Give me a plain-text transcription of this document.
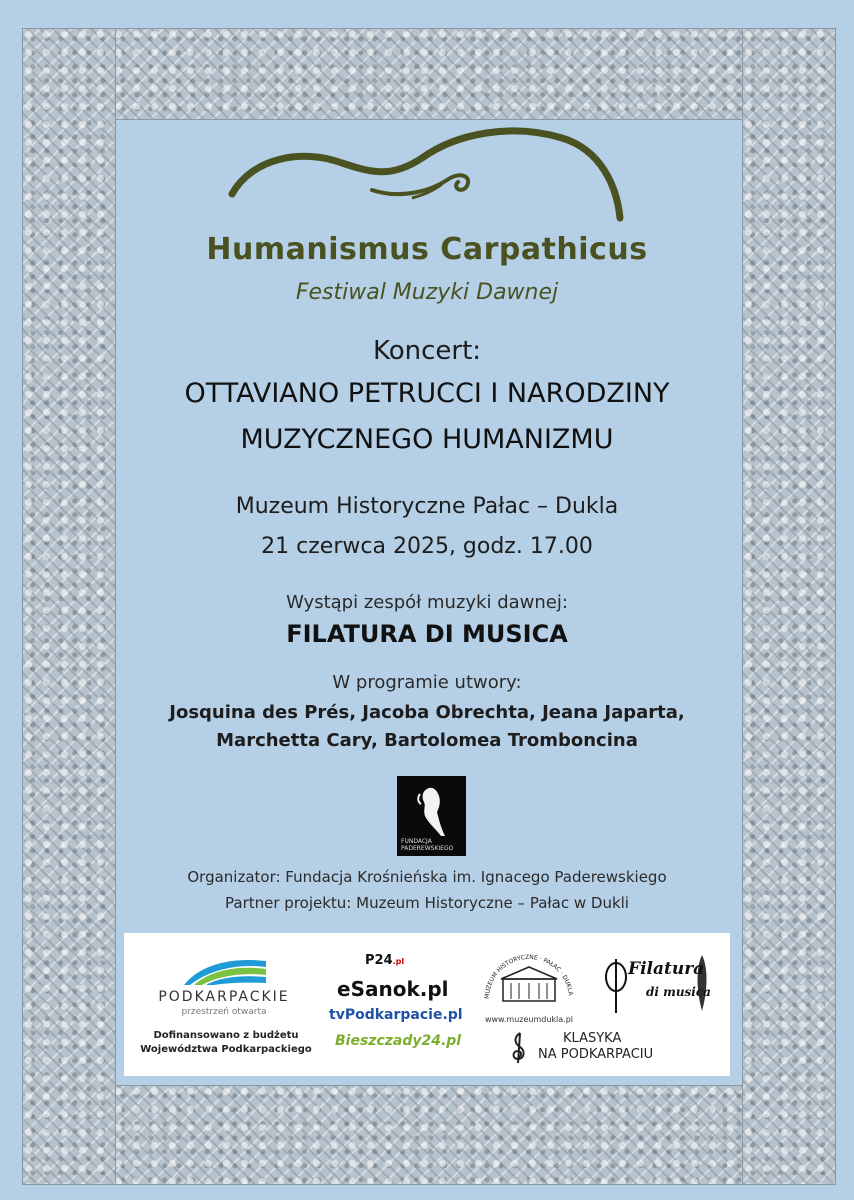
Humanismus Carpathicus
Festiwal Muzyki Dawnej
Koncert:
OTTAVIANO PETRUCCI I NARODZINY
MUZYCZNEGO HUMANIZMU
Muzeum Historyczne Pałac – Dukla
21 czerwca 2025, godz. 17.00
Wystąpi zespół muzyki dawnej:
FILATURA DI MUSICA
W programie utwory:
Josquina des Prés, Jacoba Obrechta, Jeana Japarta,
Marchetta Cary, Bartolomea Tromboncina
FUNDACJA
PADEREWSKIEGO
Organizator: Fundacja Krośnieńska im. Ignacego Paderewskiego
Partner projektu: Muzeum Historyczne – Pałac w Dukli
PODKARPACKIE
przestrzeń otwarta
Dofinansowano z budżetu
Województwa Podkarpackiego
P24.pl
eSanok.pl
tvPodkarpacie.pl
Bieszczady24.pl
MUZEUM HISTORYCZNE · PAŁAC · DUKLA
www.muzeumdukla.pl
Filatura
di musica
KLASYKA
NA PODKARPACIU
